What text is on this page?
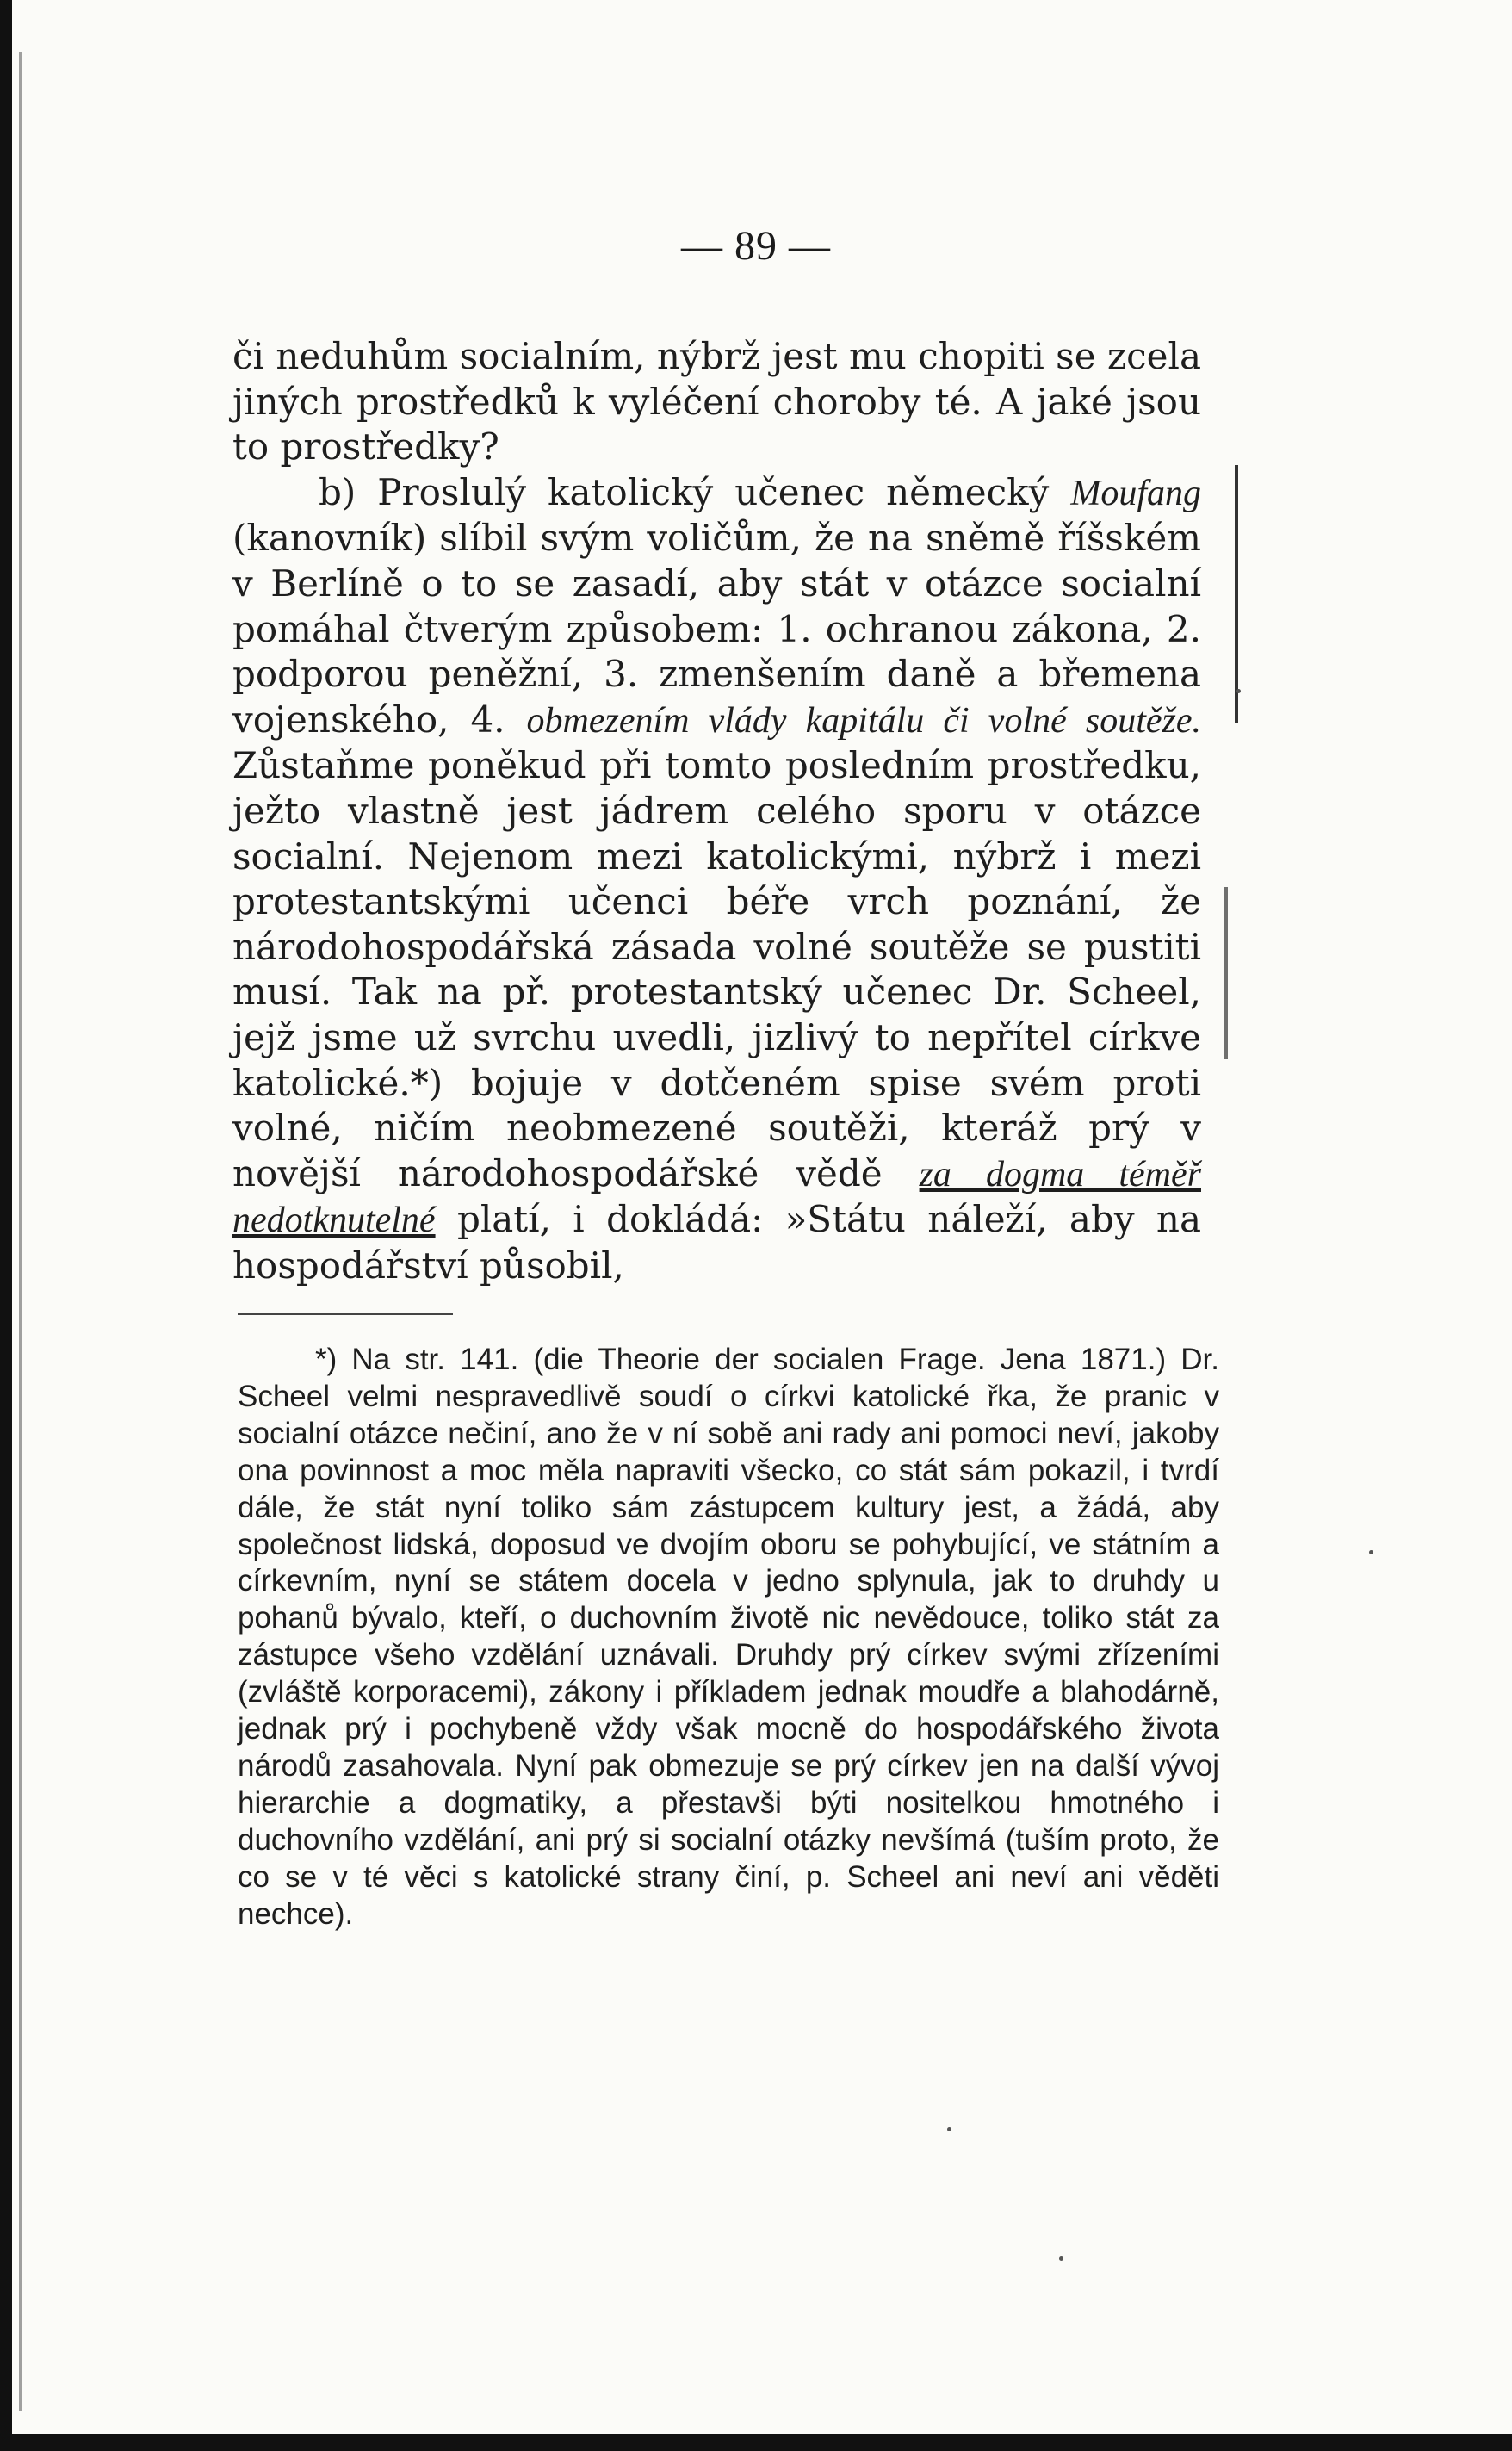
— 89 —

či neduhům socialním, nýbrž jest mu chopiti se zcela jiných prostředků k vyléčení choroby té. A jaké jsou to prostředky?

b) Proslulý katolický učenec německý Moufang (kanovník) slíbil svým voličům, že na sněmě říšském v Berlíně o to se zasadí, aby stát v otázce socialní pomáhal čtverým způsobem: 1. ochranou zákona, 2. podporou peněžní, 3. zmenšením daně a břemena vojenského, 4. obmezením vlády kapitálu či volné soutěže. Zůstaňme poněkud při tomto posledním prostředku, ježto vlastně jest jádrem celého sporu v otázce socialní. Nejenom mezi katolickými, nýbrž i mezi protestantskými učenci béře vrch poznání, že národohospodářská zásada volné soutěže se pustiti musí. Tak na př. protestantský učenec Dr. Scheel, jejž jsme už svrchu uvedli, jizlivý to nepřítel církve katolické.*) bojuje v dotčeném spise svém proti volné, ničím neobmezené soutěži, kteráž prý v novější národohospodářské vědě za dogma téměř nedotknutelné platí, i dokládá: »Státu náleží, aby na hospodářství působil,

*) Na str. 141. (die Theorie der socialen Frage. Jena 1871.) Dr. Scheel velmi nespravedlivě soudí o církvi katolické řka, že pranic v socialní otázce nečiní, ano že v ní sobě ani rady ani pomoci neví, jakoby ona povinnost a moc měla napraviti všecko, co stát sám pokazil, i tvrdí dále, že stát nyní toliko sám zástupcem kultury jest, a žádá, aby společnost lidská, doposud ve dvojím oboru se pohybující, ve státním a církevním, nyní se státem docela v jedno splynula, jak to druhdy u pohanů bývalo, kteří, o duchovním životě nic nevědouce, toliko stát za zástupce všeho vzdělání uznávali. Druhdy prý církev svými zřízeními (zvláště korporacemi), zákony i příkladem jednak moudře a blahodárně, jednak prý i pochybeně vždy však mocně do hospodářského života národů zasahovala. Nyní pak obmezuje se prý církev jen na další vývoj hierarchie a dogmatiky, a přestavši býti nositelkou hmotného i duchovního vzdělání, ani prý si socialní otázky nevšímá (tuším proto, že co se v té věci s katolické strany činí, p. Scheel ani neví ani věděti nechce).
